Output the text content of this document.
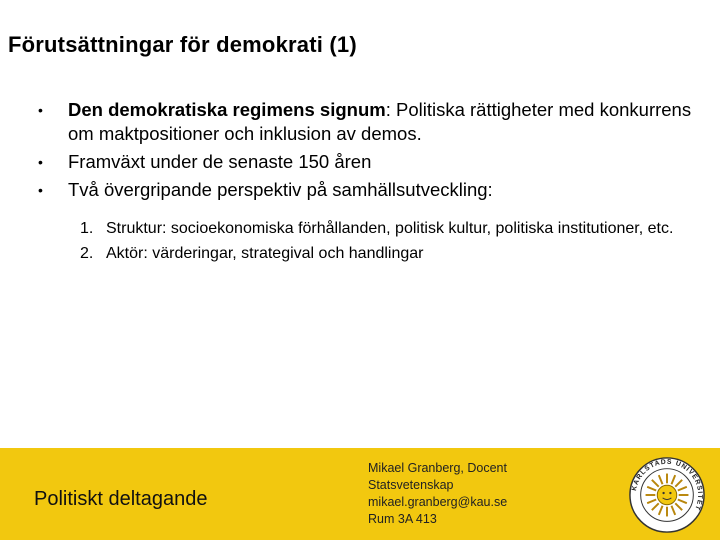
Förutsättningar för demokrati (1)
• Den demokratiska regimens signum: Politiska rättigheter med konkurrens om maktpositioner och inklusion av demos.
• Framväxt under de senaste 150 åren
• Två övergripande perspektiv på samhällsutveckling:
1. Struktur: socioekonomiska förhållanden, politisk kultur, politiska institutioner, etc.
2. Aktör: värderingar, strategival och handlingar
Politiskt deltagande
Mikael Granberg, Docent
Statsvetenskap
mikael.granberg@kau.se
Rum 3A 413
KARLSTADS UNIVERSITET
